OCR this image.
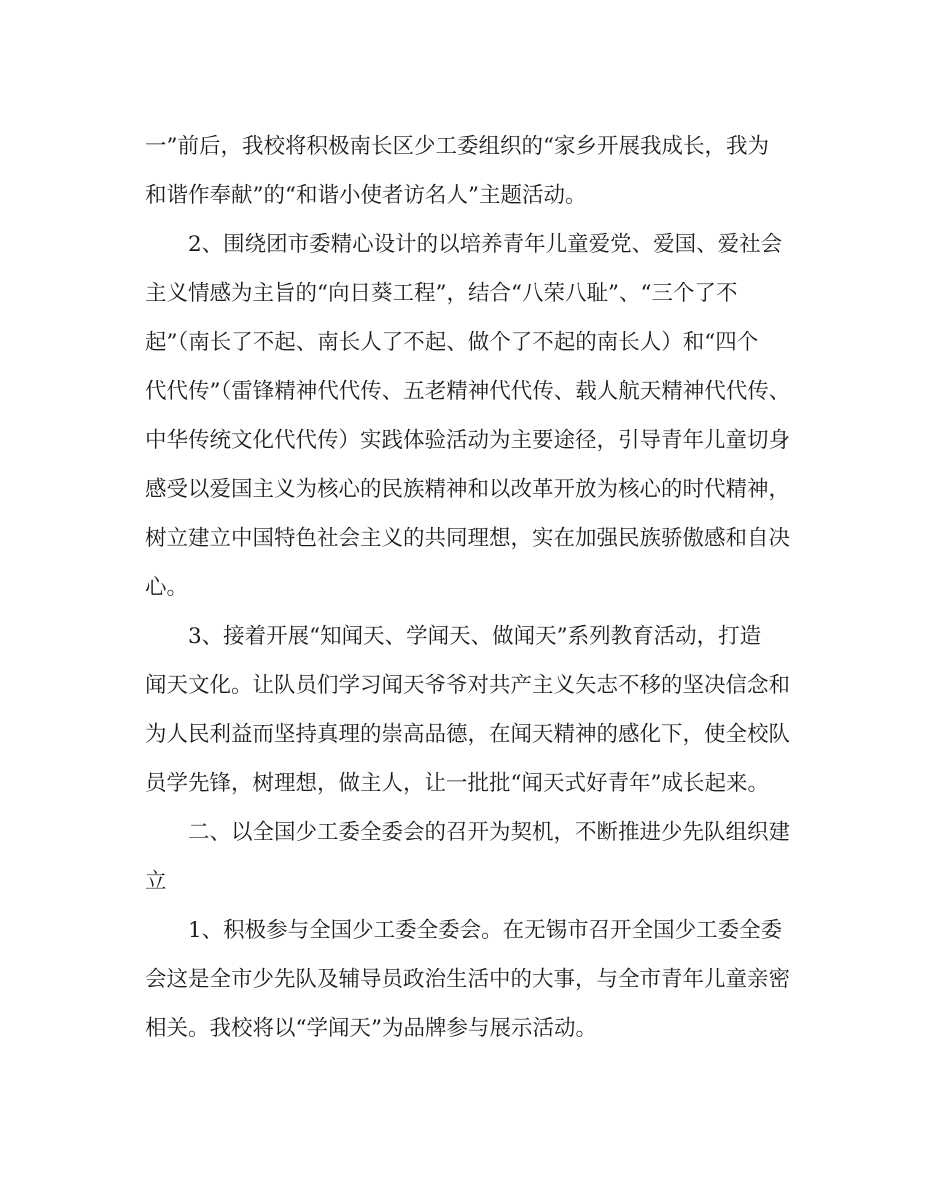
一”前后，我校将积极南长区少工委组织的“家乡开展我成长，我为

和谐作奉献”的“和谐小使者访名人”主题活动。

2、围绕团市委精心设计的以培养青年儿童爱党、爱国、爱社会

主义情感为主旨的“向日葵工程”，结合“八荣八耻”、“三个了不

起”（南长了不起、南长人了不起、做个了不起的南长人）和“四个

代代传”（雷锋精神代代传、五老精神代代传、载人航天精神代代传、

中华传统文化代代传）实践体验活动为主要途径，引导青年儿童切身

感受以爱国主义为核心的民族精神和以改革开放为核心的时代精神，

树立建立中国特色社会主义的共同理想，实在加强民族骄傲感和自决

心。

3、接着开展“知闻天、学闻天、做闻天”系列教育活动，打造

闻天文化。让队员们学习闻天爷爷对共产主义矢志不移的坚决信念和

为人民利益而坚持真理的崇高品德，在闻天精神的感化下，使全校队

员学先锋，树理想，做主人，让一批批“闻天式好青年”成长起来。

二、以全国少工委全委会的召开为契机，不断推进少先队组织建

立

1、积极参与全国少工委全委会。在无锡市召开全国少工委全委

会这是全市少先队及辅导员政治生活中的大事，与全市青年儿童亲密

相关。我校将以“学闻天”为品牌参与展示活动。
